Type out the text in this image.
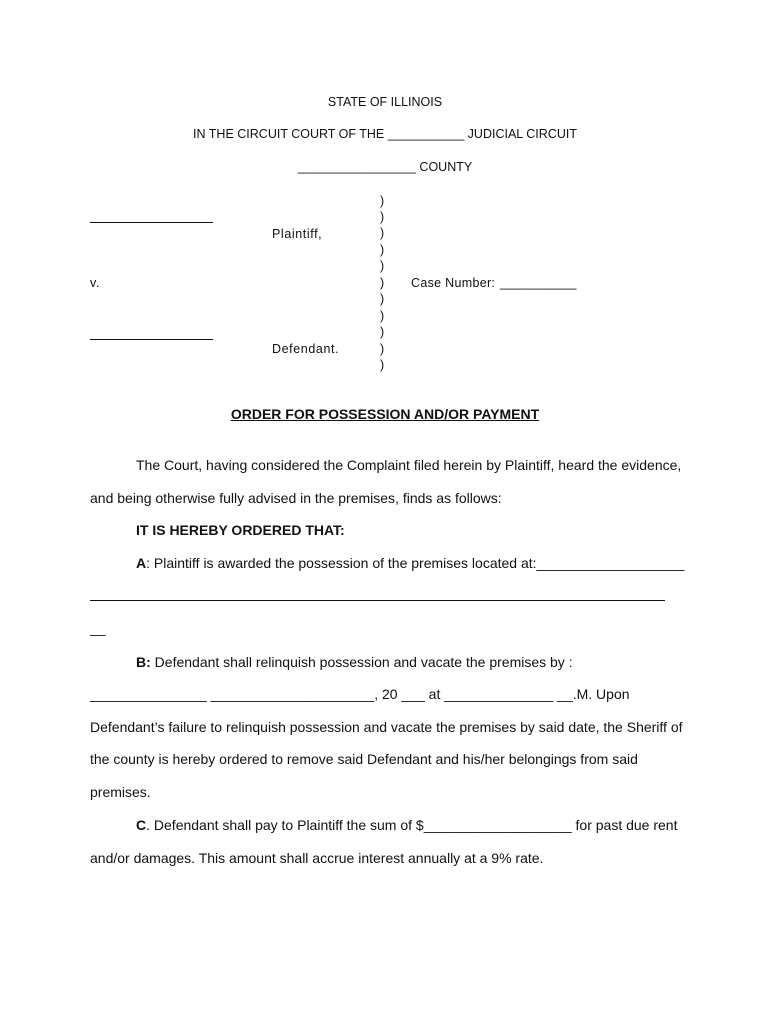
STATE OF ILLINOIS
IN THE CIRCUIT COURT OF THE ___________ JUDICIAL CIRCUIT
_________________ COUNTY
Plaintiff,
v.
Defendant.
)
)
)
)
)
)
)
)
)
)
)
Case Number: ___________
ORDER FOR POSSESSION AND/OR PAYMENT
The Court, having considered the Complaint filed herein by Plaintiff, heard the evidence,
and being otherwise fully advised in the premises, finds as follows:
IT IS HEREBY ORDERED THAT:
A: Plaintiff is awarded the possession of the premises located at:___________________
__
B: Defendant shall relinquish possession and vacate the premises by :
_______________ _____________________, 20 ___ at ______________ __.M. Upon
Defendant’s failure to relinquish possession and vacate the premises by said date, the Sheriff of
the county is hereby ordered to remove said Defendant and his/her belongings from said
premises.
C. Defendant shall pay to Plaintiff the sum of $___________________ for past due rent
and/or damages. This amount shall accrue interest annually at a 9% rate.
